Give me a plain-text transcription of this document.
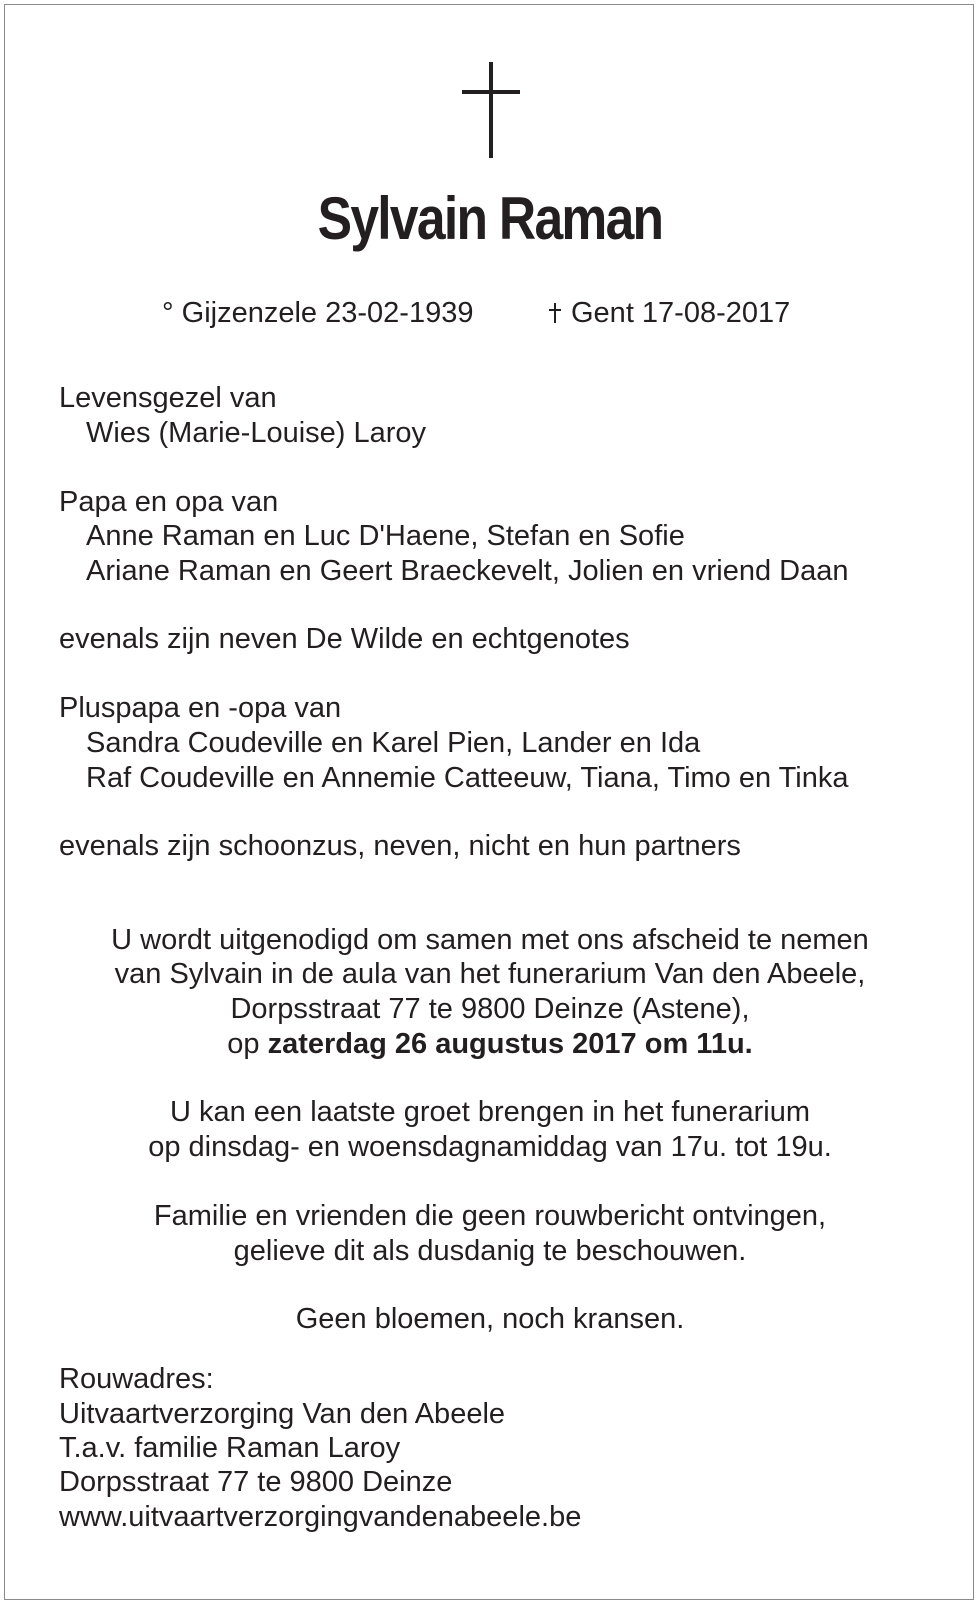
Sylvain Raman
° Gijzenzele 23-02-1939	Gent 17-08-2017
Levensgezel van
Wies (Marie-Louise) Laroy
Papa en opa van
Anne Raman en Luc D'Haene, Stefan en Sofie
Ariane Raman en Geert Braeckevelt, Jolien en vriend Daan
evenals zijn neven De Wilde en echtgenotes
Pluspapa en -opa van
Sandra Coudeville en Karel Pien, Lander en Ida
Raf Coudeville en Annemie Catteeuw, Tiana, Timo en Tinka
evenals zijn schoonzus, neven, nicht en hun partners
U wordt uitgenodigd om samen met ons afscheid te nemen
van Sylvain in de aula van het funerarium Van den Abeele,
Dorpsstraat 77 te 9800 Deinze (Astene),
op zaterdag 26 augustus 2017 om 11u.
U kan een laatste groet brengen in het funerarium
op dinsdag- en woensdagnamiddag van 17u. tot 19u.
Familie en vrienden die geen rouwbericht ontvingen,
gelieve dit als dusdanig te beschouwen.
Geen bloemen, noch kransen.
Rouwadres:
Uitvaartverzorging Van den Abeele
T.a.v. familie Raman Laroy
Dorpsstraat 77 te 9800 Deinze
www.uitvaartverzorgingvandenabeele.be
